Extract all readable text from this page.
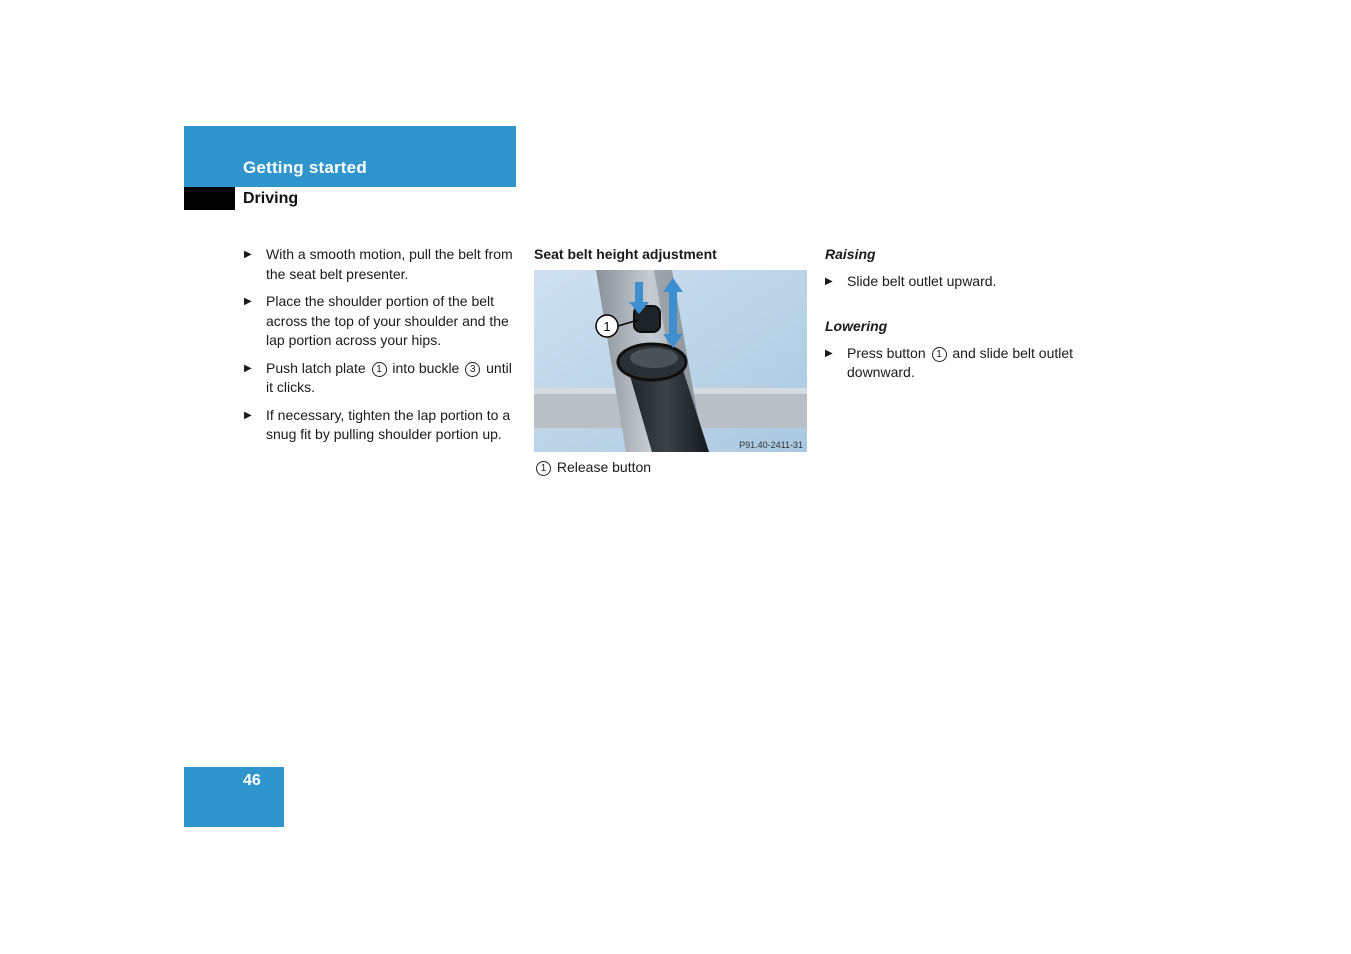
Getting started
Driving
▶ With a smooth motion, pull the belt from the seat belt presenter.
▶ Place the shoulder portion of the belt across the top of your shoulder and the lap portion across your hips.
▶ Push latch plate 1 into buckle 3 until it clicks.
▶ If necessary, tighten the lap portion to a snug fit by pulling shoulder portion up.
Seat belt height adjustment
1
P91.40-2411-31
1 Release button
Raising
▶ Slide belt outlet upward.
Lowering
▶ Press button 1 and slide belt outlet downward.
46
